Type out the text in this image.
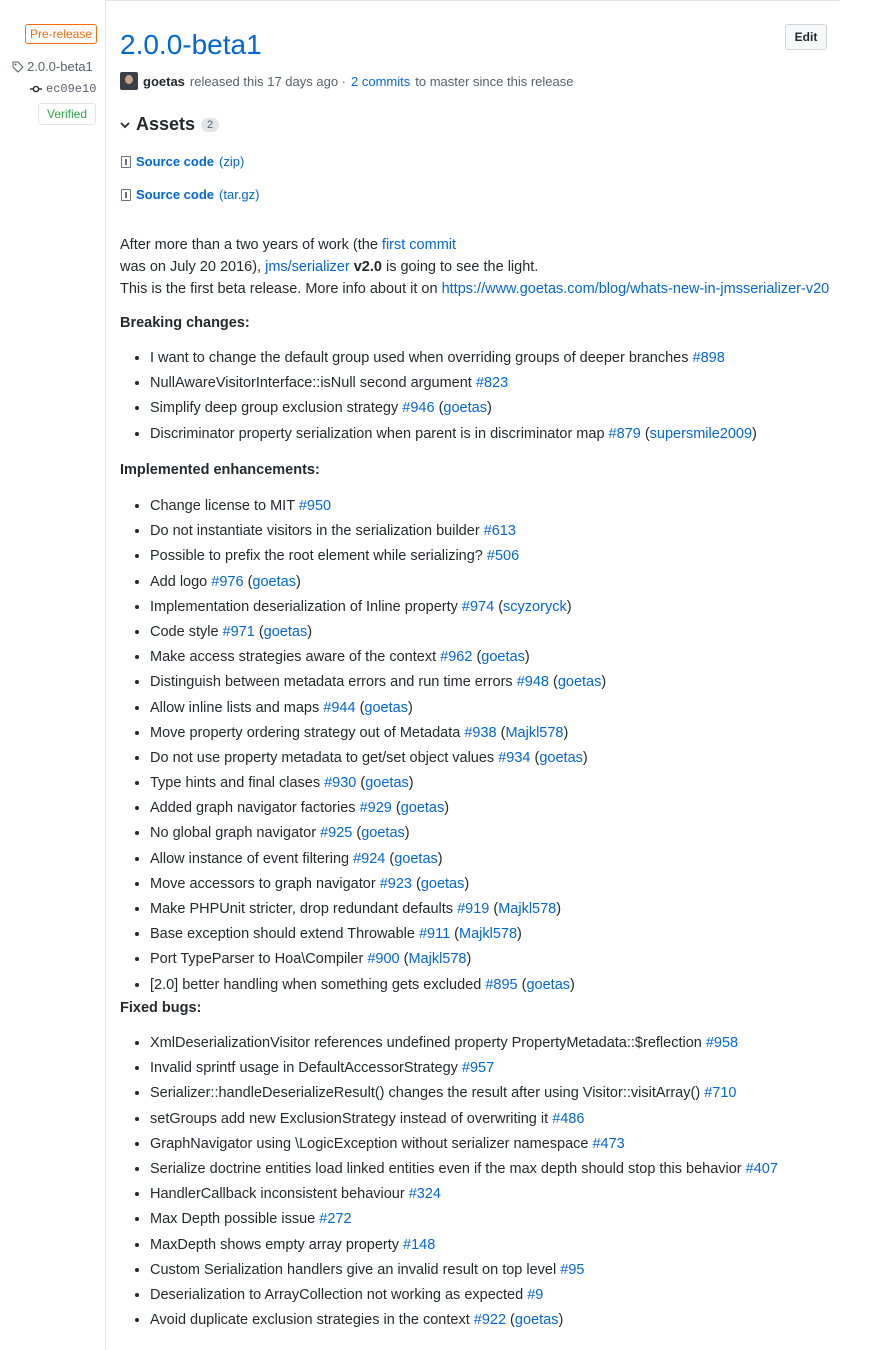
Pre-release
2.0.0-beta1
ec09e10
Verified
2.0.0-beta1	Edit
goetas released this 17 days ago · 2 commits to master since this release
Assets	2
Source code (zip)
Source code (tar.gz)
After more than a two years of work (the first commit
was on July 20 2016), jms/serializer v2.0 is going to see the light.
This is the first beta release. More info about it on https://www.goetas.com/blog/whats-new-in-jmsserializer-v20
Breaking changes:
• I want to change the default group used when overriding groups of deeper branches #898
• NullAwareVisitorInterface::isNull second argument #823
• Simplify deep group exclusion strategy #946 (goetas)
• Discriminator property serialization when parent is in discriminator map #879 (supersmile2009)
Implemented enhancements:
• Change license to MIT #950
• Do not instantiate visitors in the serialization builder #613
• Possible to prefix the root element while serializing? #506
• Add logo #976 (goetas)
• Implementation deserialization of Inline property #974 (scyzoryck)
• Code style #971 (goetas)
• Make access strategies aware of the context #962 (goetas)
• Distinguish between metadata errors and run time errors #948 (goetas)
• Allow inline lists and maps #944 (goetas)
• Move property ordering strategy out of Metadata #938 (Majkl578)
• Do not use property metadata to get/set object values #934 (goetas)
• Type hints and final clases #930 (goetas)
• Added graph navigator factories #929 (goetas)
• No global graph navigator #925 (goetas)
• Allow instance of event filtering #924 (goetas)
• Move accessors to graph navigator #923 (goetas)
• Make PHPUnit stricter, drop redundant defaults #919 (Majkl578)
• Base exception should extend Throwable #911 (Majkl578)
• Port TypeParser to Hoa\Compiler #900 (Majkl578)
• [2.0] better handling when something gets excluded #895 (goetas)
Fixed bugs:
• XmlDeserializationVisitor references undefined property PropertyMetadata::$reflection #958
• Invalid sprintf usage in DefaultAccessorStrategy #957
• Serializer::handleDeserializeResult() changes the result after using Visitor::visitArray() #710
• setGroups add new ExclusionStrategy instead of overwriting it #486
• GraphNavigator using \LogicException without serializer namespace #473
• Serialize doctrine entities load linked entities even if the max depth should stop this behavior #407
• HandlerCallback inconsistent behaviour #324
• Max Depth possible issue #272
• MaxDepth shows empty array property #148
• Custom Serialization handlers give an invalid result on top level #95
• Deserialization to ArrayCollection not working as expected #9
• Avoid duplicate exclusion strategies in the context #922 (goetas)
